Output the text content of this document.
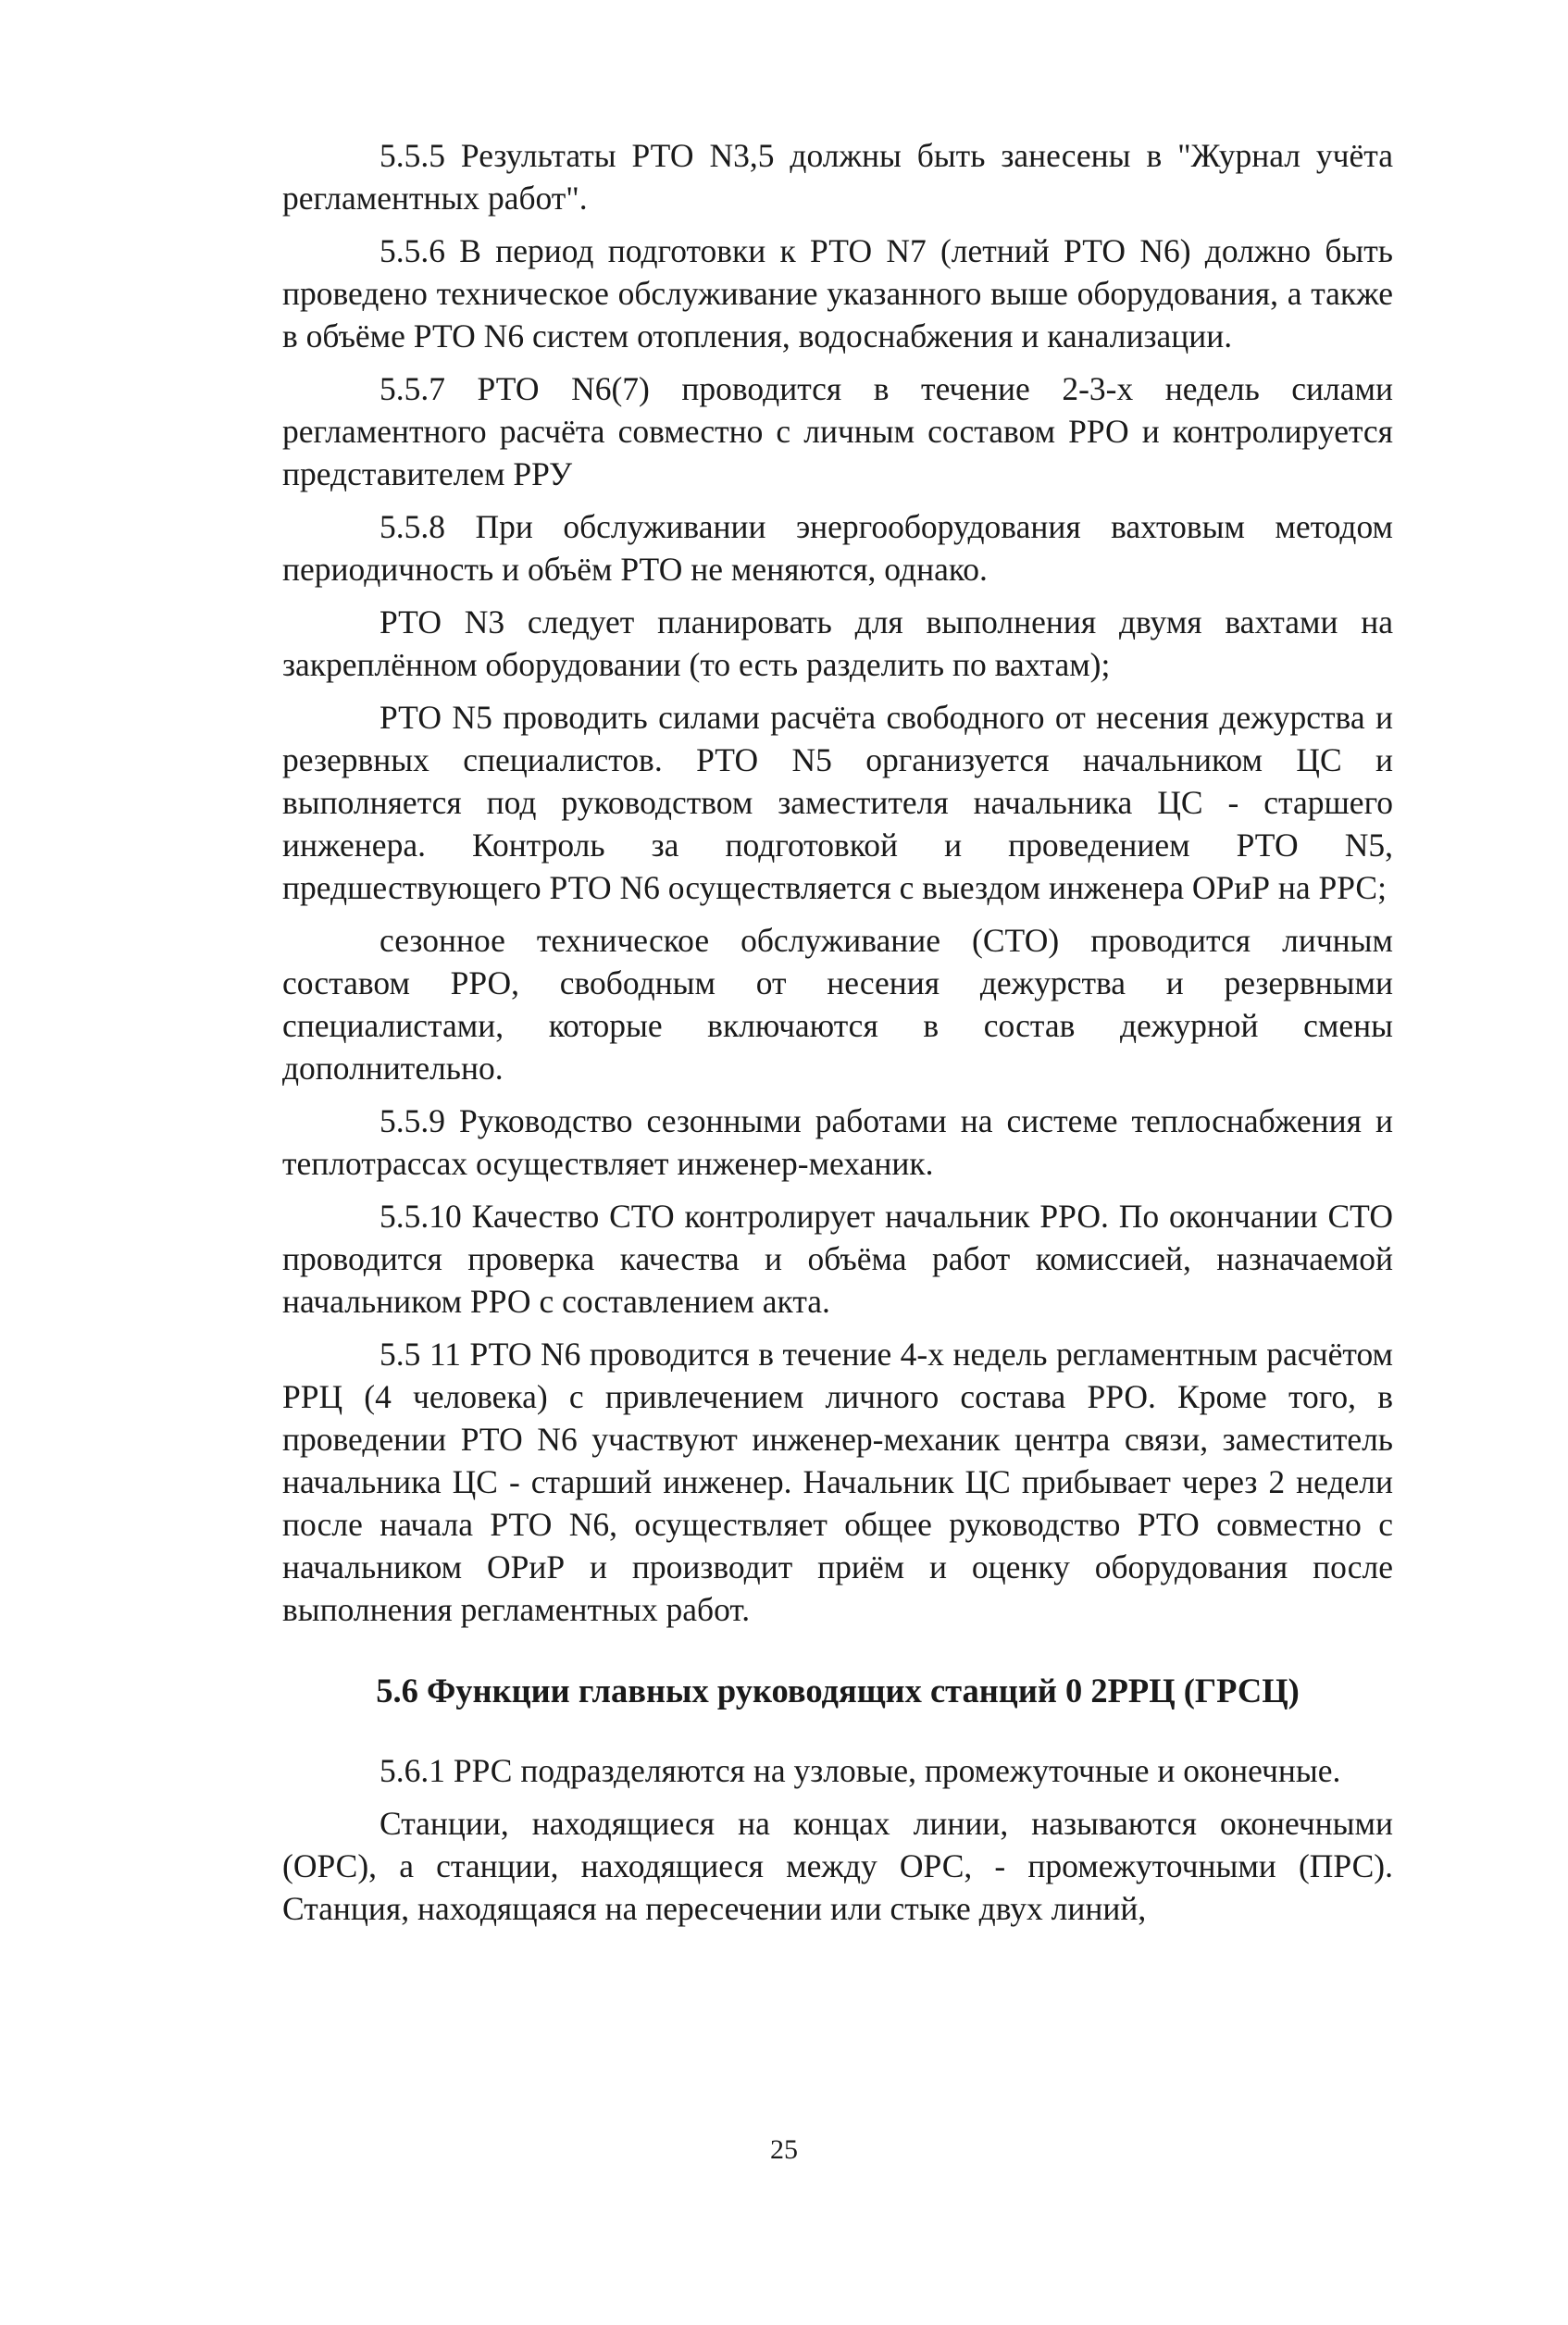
5.5.5 Результаты РТО N3,5 должны быть занесены в "Журнал учёта регламентных работ".

5.5.6 В период подготовки к РТО N7 (летний РТО N6) должно быть проведено техническое обслуживание указанного выше оборудования, а также в объёме РТО N6 систем отопления, водоснабжения и канализации.

5.5.7 РТО N6(7) проводится в течение 2-3-х недель силами регламентного расчёта совместно с личным составом РРО и контролируется представителем РРУ

5.5.8 При обслуживании энергооборудования вахтовым методом периодичность и объём РТО не меняются, однако.

РТО N3 следует планировать для выполнения двумя вахтами на закреплённом оборудовании (то есть разделить по вахтам);

РТО N5 проводить силами расчёта свободного от несения дежурства и резервных специалистов. РТО N5 организуется начальником ЦС и выполняется под руководством заместителя начальника ЦС - старшего инженера. Контроль за подготовкой и проведением РТО N5, предшествующего РТО N6 осуществляется с выездом инженера ОРиР на РРС;

сезонное техническое обслуживание (СТО) проводится личным составом РРО, свободным от несения дежурства и резервными специалистами, которые включаются в состав дежурной смены дополнительно.

5.5.9 Руководство сезонными работами на системе теплоснабжения и теплотрассах осуществляет инженер-механик.

5.5.10 Качество СТО контролирует начальник РРО. По окончании СТО проводится проверка качества и объёма работ комиссией, назначаемой начальником РРО с составлением акта.

5.5 11 РТО N6 проводится в течение 4-х недель регламентным расчётом РРЦ (4 человека) с привлечением личного состава РРО. Кроме того, в проведении РТО N6 участвуют инженер-механик центра связи, заместитель начальника ЦС - старший инженер. Начальник ЦС прибывает через 2 недели после начала РТО N6, осуществляет общее руководство РТО совместно с начальником ОРиР и производит приём и оценку оборудования после выполнения регламентных работ.

5.6 Функции главных руководящих станций 0 2РРЦ (ГРСЦ)

5.6.1 РРС подразделяются на узловые, промежуточные и оконечные.

Станции, находящиеся на концах линии, называются оконечными (ОРС), а станции, находящиеся между ОРС, - промежуточными (ПРС). Станция, находящаяся на пересечении или стыке двух линий,

25
